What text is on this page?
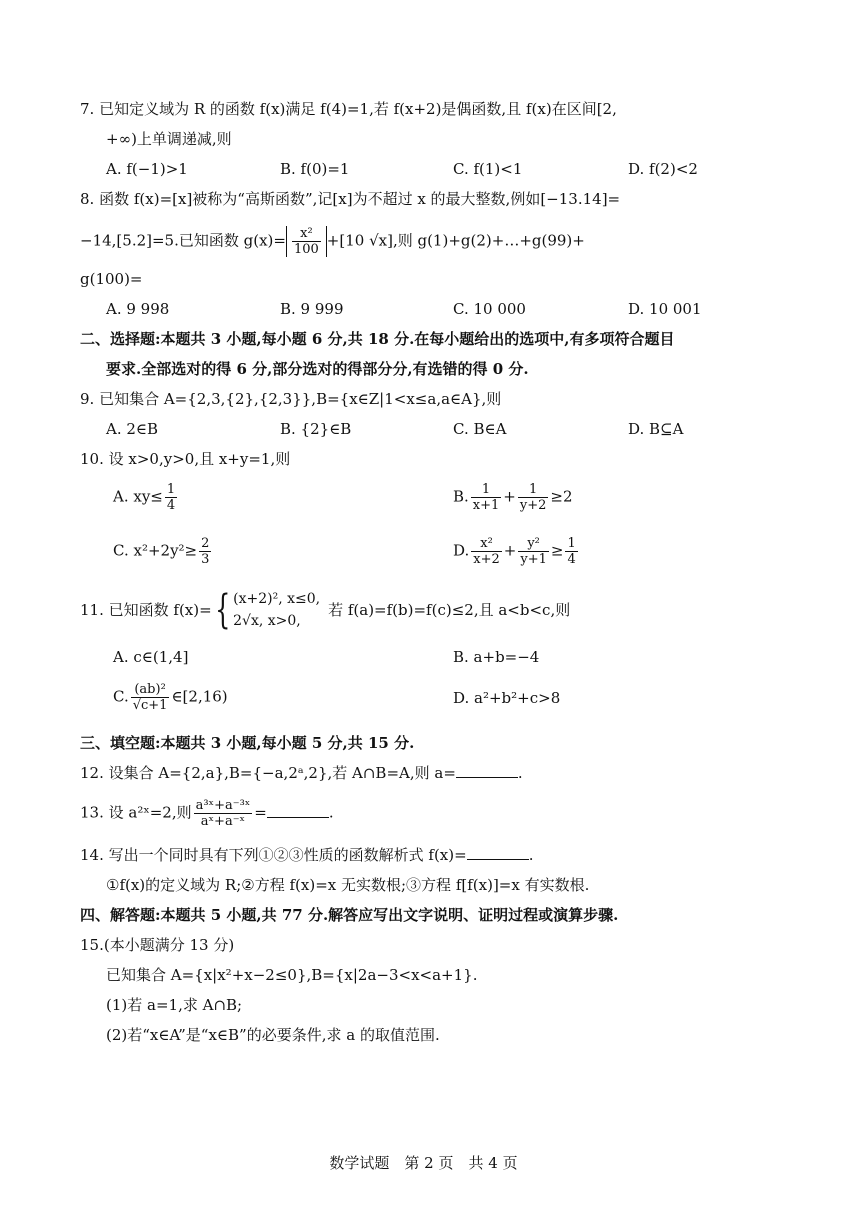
7. 已知定义域为 R 的函数 f(x)满足 f(4)=1,若 f(x+2)是偶函数,且 f(x)在区间[2,
+∞)上单调递减,则
A. f(−1)>1	B. f(0)=1	C. f(1)<1	D. f(2)<2
8. 函数 f(x)=[x]被称为“高斯函数”,记[x]为不超过 x 的最大整数,例如[−13.14]=
−14,[5.2]=5.已知函数 $g(x)= \frac{\text{x²}}{100} +[10$ √x],则 g(1)+g(2)+…+g(99)+
g(100)=
A. 9 998	B. 9 999	C. 10 000	D. 10 001
二、选择题:本题共 3 小题,每小题 6 分,共 18 分.在每小题给出的选项中,有多项符合题目
要求.全部选对的得 6 分,部分选对的得部分分,有选错的得 0 分.
9. 已知集合 A={2,3,{2},{2,3}},B={x∈Z|1<x≤a,a∈A},则
A. 2∈B	B. {2}∈B	C. B∈A	D. B⊆A
10. 设 x>0,y>0,且 x+y=1,则
A. $xy\le \frac{1}{4}$	B. $\frac{1}{x+1} + \frac{1}{y+2} \ge 2$
C. $x^2+2y^2\ge \frac{2}{3}$	D. $\frac{\text{x²}}{x+2} + \frac{\text{y²}}{y+1} \ge \frac{1}{4}$
11. 已知函数 f(x)={ (x+2)², x≤0,
2√x, x>0,
若 f(a)=f(b)=f(c)≤2,且 a<b<c,则
A. c∈(1,4]	B. a+b=−4
C. $\frac{\text{(ab)²}}{√c+1}$ ∈[2,16)	D. a²+b²+c>8
三、填空题:本题共 3 小题,每小题 5 分,共 15 分.
12. 设集合 A={2,a},B={−a,2ᵃ,2},若 A∩B=A,则 a=	.
13. 设 a²ˣ=2,则 $\frac{\text{a³ˣ+a⁻³ˣ}}{\text{aˣ+a⁻ˣ}}$ =	.
14. 写出一个同时具有下列①②③性质的函数解析式 f(x)=	.
①f(x)的定义域为 R;②方程 f(x)=x 无实数根;③方程 f[f(x)]=x 有实数根.
四、解答题:本题共 5 小题,共 77 分.解答应写出文字说明、证明过程或演算步骤.
15.(本小题满分 13 分)
已知集合 A={x|x²+x−2≤0},B={x|2a−3<x<a+1}.
(1)若 a=1,求 A∩B;
(2)若“x∈A”是“x∈B”的必要条件,求 a 的取值范围.
数学试题　第 2 页　共 4 页
